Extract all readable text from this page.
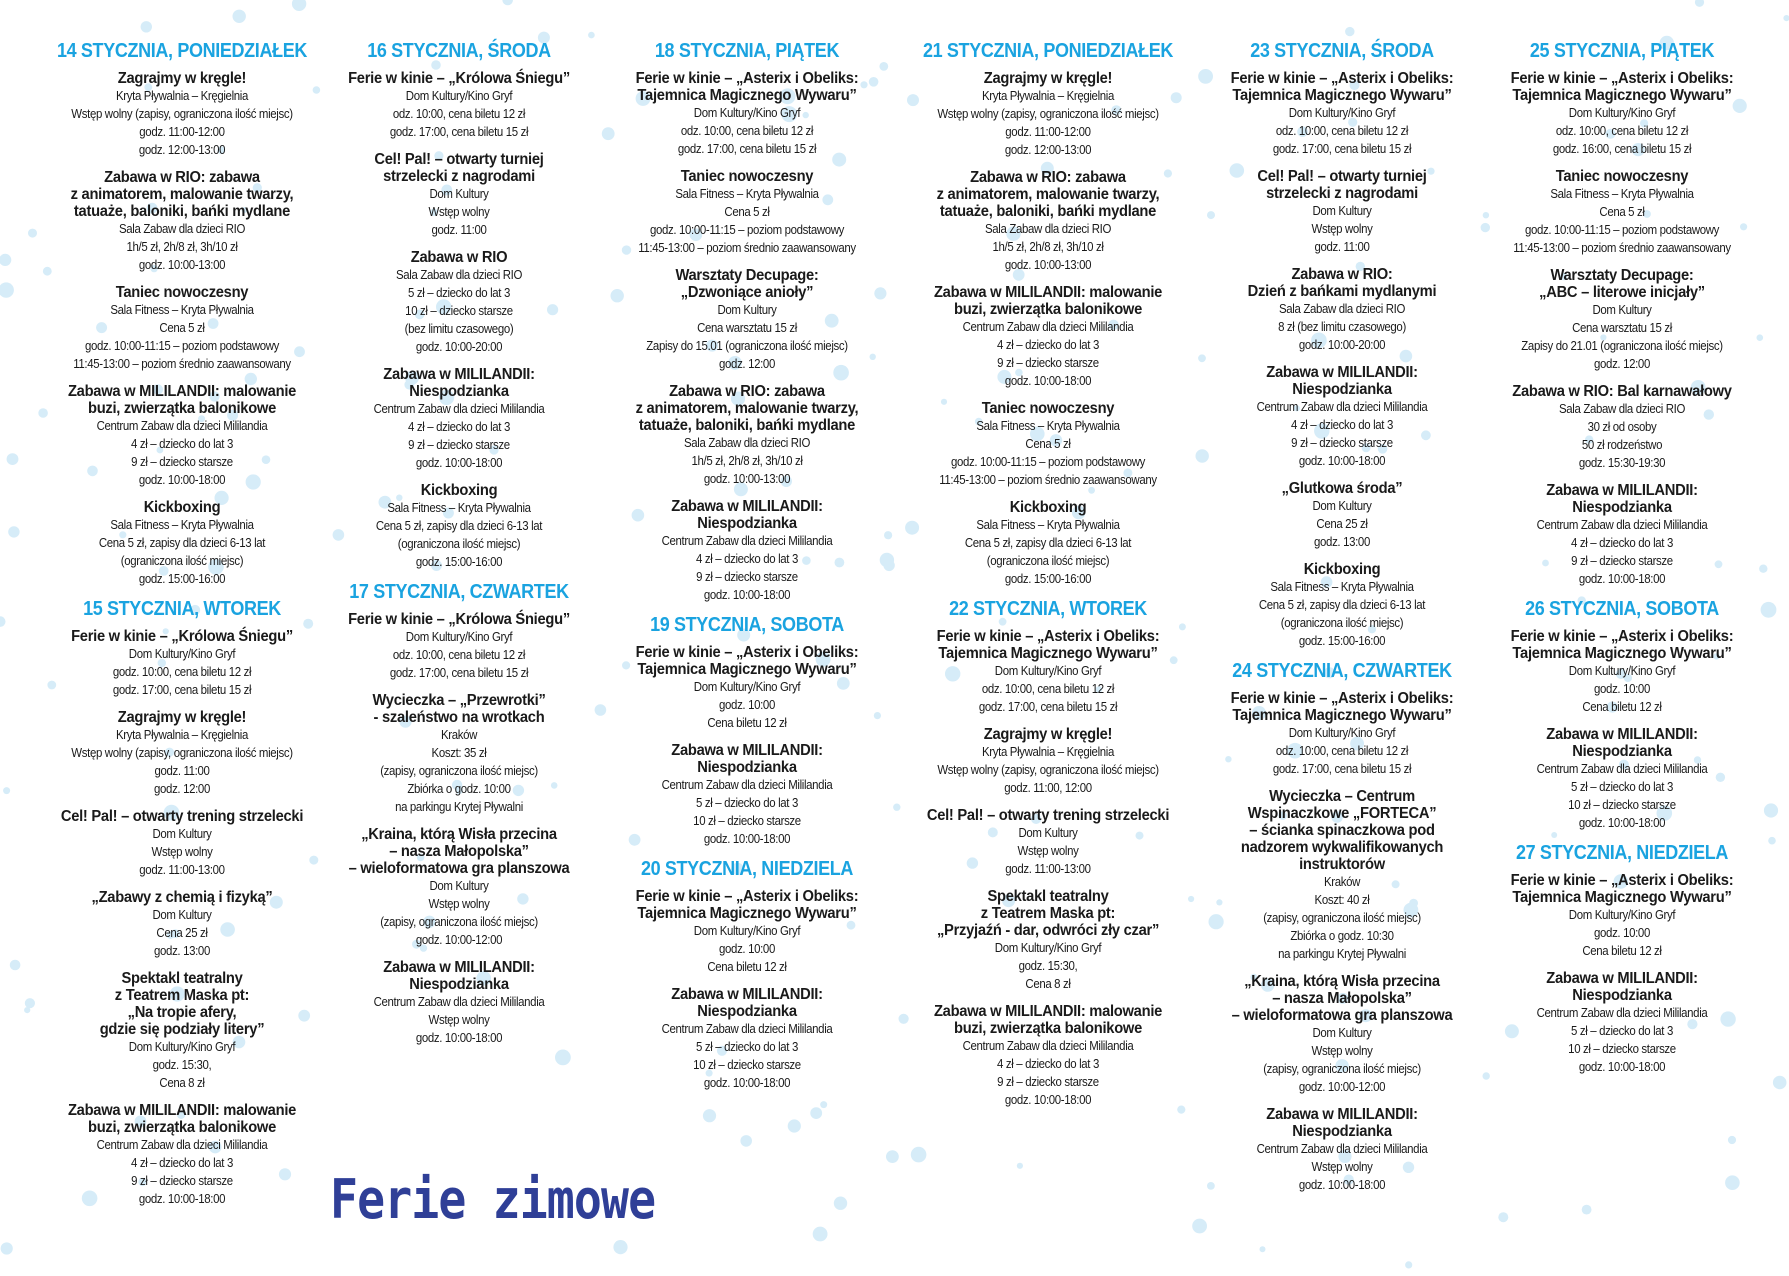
14 STYCZNIA, PONIEDZIAŁEK
Zagrajmy w kręgle!
Kryta Pływalnia – Kręgielnia
Wstęp wolny (zapisy, ograniczona ilość miejsc)
godz. 11:00-12:00
godz. 12:00-13:00
Zabawa w RIO: zabawa
z animatorem, malowanie twarzy,
tatuaże, baloniki, bańki mydlane
Sala Zabaw dla dzieci RIO
1h/5 zł, 2h/8 zł, 3h/10 zł
godz. 10:00-13:00
Taniec nowoczesny
Sala Fitness – Kryta Pływalnia
Cena 5 zł
godz. 10:00-11:15 – poziom podstawowy
11:45-13:00 – poziom średnio zaawansowany
Zabawa w MILILANDII: malowanie
buzi, zwierzątka balonikowe
Centrum Zabaw dla dzieci Mililandia
4 zł – dziecko do lat 3
9 zł – dziecko starsze
godz. 10:00-18:00
Kickboxing
Sala Fitness – Kryta Pływalnia
Cena 5 zł, zapisy dla dzieci 6-13 lat
(ograniczona ilość miejsc)
godz. 15:00-16:00
15 STYCZNIA, WTOREK
Ferie w kinie – „Królowa Śniegu”
Dom Kultury/Kino Gryf
godz. 10:00, cena biletu 12 zł
godz. 17:00, cena biletu 15 zł
Zagrajmy w kręgle!
Kryta Pływalnia – Kręgielnia
Wstęp wolny (zapisy, ograniczona ilość miejsc)
godz. 11:00
godz. 12:00
Cel! Pal! – otwarty trening strzelecki
Dom Kultury
Wstęp wolny
godz. 11:00-13:00
„Zabawy z chemią i fizyką”
Dom Kultury
Cena 25 zł
godz. 13:00
Spektakl teatralny
z Teatrem Maska pt:
„Na tropie afery,
gdzie się podziały litery”
Dom Kultury/Kino Gryf
godz. 15:30,
Cena 8 zł
Zabawa w MILILANDII: malowanie
buzi, zwierzątka balonikowe
Centrum Zabaw dla dzieci Mililandia
4 zł – dziecko do lat 3
9 zł – dziecko starsze
godz. 10:00-18:00
16 STYCZNIA, ŚRODA
Ferie w kinie – „Królowa Śniegu”
Dom Kultury/Kino Gryf
odz. 10:00, cena biletu 12 zł
godz. 17:00, cena biletu 15 zł
Cel! Pal! – otwarty turniej
strzelecki z nagrodami
Dom Kultury
Wstęp wolny
godz. 11:00
Zabawa w RIO
Sala Zabaw dla dzieci RIO
5 zł – dziecko do lat 3
10 zł – dziecko starsze
(bez limitu czasowego)
godz. 10:00-20:00
Zabawa w MILILANDII:
Niespodzianka
Centrum Zabaw dla dzieci Mililandia
4 zł – dziecko do lat 3
9 zł – dziecko starsze
godz. 10:00-18:00
Kickboxing
Sala Fitness – Kryta Pływalnia
Cena 5 zł, zapisy dla dzieci 6-13 lat
(ograniczona ilość miejsc)
godz. 15:00-16:00
17 STYCZNIA, CZWARTEK
Ferie w kinie – „Królowa Śniegu”
Dom Kultury/Kino Gryf
odz. 10:00, cena biletu 12 zł
godz. 17:00, cena biletu 15 zł
Wycieczka – „Przewrotki”
- szaleństwo na wrotkach
Kraków
Koszt: 35 zł
(zapisy, ograniczona ilość miejsc)
Zbiórka o godz. 10:00
na parkingu Krytej Pływalni
„Kraina, którą Wisła przecina
– nasza Małopolska”
– wieloformatowa gra planszowa
Dom Kultury
Wstęp wolny
(zapisy, ograniczona ilość miejsc)
godz. 10:00-12:00
Zabawa w MILILANDII:
Niespodzianka
Centrum Zabaw dla dzieci Mililandia
Wstęp wolny
godz. 10:00-18:00
18 STYCZNIA, PIĄTEK
Ferie w kinie – „Asterix i Obeliks:
Tajemnica Magicznego Wywaru”
Dom Kultury/Kino Gryf
odz. 10:00, cena biletu 12 zł
godz. 17:00, cena biletu 15 zł
Taniec nowoczesny
Sala Fitness – Kryta Pływalnia
Cena 5 zł
godz. 10:00-11:15 – poziom podstawowy
11:45-13:00 – poziom średnio zaawansowany
Warsztaty Decupage:
„Dzwoniące anioły”
Dom Kultury
Cena warsztatu 15 zł
Zapisy do 15.01 (ograniczona ilość miejsc)
godz. 12:00
Zabawa w RIO: zabawa
z animatorem, malowanie twarzy,
tatuaże, baloniki, bańki mydlane
Sala Zabaw dla dzieci RIO
1h/5 zł, 2h/8 zł, 3h/10 zł
godz. 10:00-13:00
Zabawa w MILILANDII:
Niespodzianka
Centrum Zabaw dla dzieci Mililandia
4 zł – dziecko do lat 3
9 zł – dziecko starsze
godz. 10:00-18:00
19 STYCZNIA, SOBOTA
Ferie w kinie – „Asterix i Obeliks:
Tajemnica Magicznego Wywaru”
Dom Kultury/Kino Gryf
godz. 10:00
Cena biletu 12 zł
Zabawa w MILILANDII:
Niespodzianka
Centrum Zabaw dla dzieci Mililandia
5 zł – dziecko do lat 3
10 zł – dziecko starsze
godz. 10:00-18:00
20 STYCZNIA, NIEDZIELA
Ferie w kinie – „Asterix i Obeliks:
Tajemnica Magicznego Wywaru”
Dom Kultury/Kino Gryf
godz. 10:00
Cena biletu 12 zł
Zabawa w MILILANDII:
Niespodzianka
Centrum Zabaw dla dzieci Mililandia
5 zł – dziecko do lat 3
10 zł – dziecko starsze
godz. 10:00-18:00
21 STYCZNIA, PONIEDZIAŁEK
Zagrajmy w kręgle!
Kryta Pływalnia – Kręgielnia
Wstęp wolny (zapisy, ograniczona ilość miejsc)
godz. 11:00-12:00
godz. 12:00-13:00
Zabawa w RIO: zabawa
z animatorem, malowanie twarzy,
tatuaże, baloniki, bańki mydlane
Sala Zabaw dla dzieci RIO
1h/5 zł, 2h/8 zł, 3h/10 zł
godz. 10:00-13:00
Zabawa w MILILANDII: malowanie
buzi, zwierzątka balonikowe
Centrum Zabaw dla dzieci Mililandia
4 zł – dziecko do lat 3
9 zł – dziecko starsze
godz. 10:00-18:00
Taniec nowoczesny
Sala Fitness – Kryta Pływalnia
Cena 5 zł
godz. 10:00-11:15 – poziom podstawowy
11:45-13:00 – poziom średnio zaawansowany
Kickboxing
Sala Fitness – Kryta Pływalnia
Cena 5 zł, zapisy dla dzieci 6-13 lat
(ograniczona ilość miejsc)
godz. 15:00-16:00
22 STYCZNIA, WTOREK
Ferie w kinie – „Asterix i Obeliks:
Tajemnica Magicznego Wywaru”
Dom Kultury/Kino Gryf
odz. 10:00, cena biletu 12 zł
godz. 17:00, cena biletu 15 zł
Zagrajmy w kręgle!
Kryta Pływalnia – Kręgielnia
Wstęp wolny (zapisy, ograniczona ilość miejsc)
godz. 11:00, 12:00
Cel! Pal! – otwarty trening strzelecki
Dom Kultury
Wstęp wolny
godz. 11:00-13:00
Spektakl teatralny
z Teatrem Maska pt:
„Przyjaźń - dar, odwróci zły czar”
Dom Kultury/Kino Gryf
godz. 15:30,
Cena 8 zł
Zabawa w MILILANDII: malowanie
buzi, zwierzątka balonikowe
Centrum Zabaw dla dzieci Mililandia
4 zł – dziecko do lat 3
9 zł – dziecko starsze
godz. 10:00-18:00
23 STYCZNIA, ŚRODA
Ferie w kinie – „Asterix i Obeliks:
Tajemnica Magicznego Wywaru”
Dom Kultury/Kino Gryf
odz. 10:00, cena biletu 12 zł
godz. 17:00, cena biletu 15 zł
Cel! Pal! – otwarty turniej
strzelecki z nagrodami
Dom Kultury
Wstęp wolny
godz. 11:00
Zabawa w RIO:
Dzień z bańkami mydlanymi
Sala Zabaw dla dzieci RIO
8 zł (bez limitu czasowego)
godz. 10:00-20:00
Zabawa w MILILANDII:
Niespodzianka
Centrum Zabaw dla dzieci Mililandia
4 zł – dziecko do lat 3
9 zł – dziecko starsze
godz. 10:00-18:00
„Glutkowa środa”
Dom Kultury
Cena 25 zł
godz. 13:00
Kickboxing
Sala Fitness – Kryta Pływalnia
Cena 5 zł, zapisy dla dzieci 6-13 lat
(ograniczona ilość miejsc)
godz. 15:00-16:00
24 STYCZNIA, CZWARTEK
Ferie w kinie – „Asterix i Obeliks:
Tajemnica Magicznego Wywaru”
Dom Kultury/Kino Gryf
odz. 10:00, cena biletu 12 zł
godz. 17:00, cena biletu 15 zł
Wycieczka – Centrum
Wspinaczkowe „FORTECA”
– ścianka spinaczkowa pod
nadzorem wykwalifikowanych
instruktorów
Kraków
Koszt: 40 zł
(zapisy, ograniczona ilość miejsc)
Zbiórka o godz. 10:30
na parkingu Krytej Pływalni
„Kraina, którą Wisła przecina
– nasza Małopolska”
– wieloformatowa gra planszowa
Dom Kultury
Wstęp wolny
(zapisy, ograniczona ilość miejsc)
godz. 10:00-12:00
Zabawa w MILILANDII:
Niespodzianka
Centrum Zabaw dla dzieci Mililandia
Wstęp wolny
godz. 10:00-18:00
25 STYCZNIA, PIĄTEK
Ferie w kinie – „Asterix i Obeliks:
Tajemnica Magicznego Wywaru”
Dom Kultury/Kino Gryf
odz. 10:00, cena biletu 12 zł
godz. 16:00, cena biletu 15 zł
Taniec nowoczesny
Sala Fitness – Kryta Pływalnia
Cena 5 zł
godz. 10:00-11:15 – poziom podstawowy
11:45-13:00 – poziom średnio zaawansowany
Warsztaty Decupage:
„ABC – literowe inicjały”
Dom Kultury
Cena warsztatu 15 zł
Zapisy do 21.01 (ograniczona ilość miejsc)
godz. 12:00
Zabawa w RIO: Bal karnawałowy
Sala Zabaw dla dzieci RIO
30 zł od osoby
50 zł rodzeństwo
godz. 15:30-19:30
Zabawa w MILILANDII:
Niespodzianka
Centrum Zabaw dla dzieci Mililandia
4 zł – dziecko do lat 3
9 zł – dziecko starsze
godz. 10:00-18:00
26 STYCZNIA, SOBOTA
Ferie w kinie – „Asterix i Obeliks:
Tajemnica Magicznego Wywaru”
Dom Kultury/Kino Gryf
godz. 10:00
Cena biletu 12 zł
Zabawa w MILILANDII:
Niespodzianka
Centrum Zabaw dla dzieci Mililandia
5 zł – dziecko do lat 3
10 zł – dziecko starsze
godz. 10:00-18:00
27 STYCZNIA, NIEDZIELA
Ferie w kinie – „Asterix i Obeliks:
Tajemnica Magicznego Wywaru”
Dom Kultury/Kino Gryf
godz. 10:00
Cena biletu 12 zł
Zabawa w MILILANDII:
Niespodzianka
Centrum Zabaw dla dzieci Mililandia
5 zł – dziecko do lat 3
10 zł – dziecko starsze
godz. 10:00-18:00
Ferie zimowe
